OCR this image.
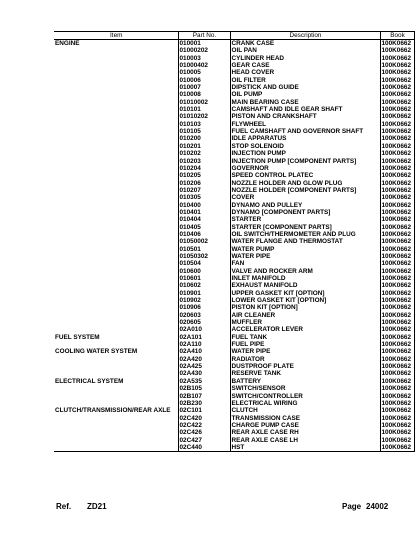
Item	Part No.	Description	Book
ENGINE	010001	CRANK CASE	100K0662
	01000202	OIL PAN	100K0662
	010003	CYLINDER HEAD	100K0662
	01000402	GEAR CASE	100K0662
	010005	HEAD COVER	100K0662
	010006	OIL FILTER	100K0662
	010007	DIPSTICK AND GUIDE	100K0662
	010008	OIL PUMP	100K0662
	01010002	MAIN BEARING CASE	100K0662
	010101	CAMSHAFT AND IDLE GEAR SHAFT	100K0662
	01010202	PISTON AND CRANKSHAFT	100K0662
	010103	FLYWHEEL	100K0662
	010105	FUEL CAMSHAFT AND GOVERNOR SHAFT	100K0662
	010200	IDLE APPARATUS	100K0662
	010201	STOP SOLENOID	100K0662
	010202	INJECTION PUMP	100K0662
	010203	INJECTION PUMP [COMPONENT PARTS]	100K0662
	010204	GOVERNOR	100K0662
	010205	SPEED CONTROL PLATEC	100K0662
	010206	NOZZLE HOLDER AND GLOW PLUG	100K0662
	010207	NOZZLE HOLDER [COMPONENT PARTS]	100K0662
	010305	COVER	100K0662
	010400	DYNAMO AND PULLEY	100K0662
	010401	DYNAMO [COMPONENT PARTS]	100K0662
	010404	STARTER	100K0662
	010405	STARTER [COMPONENT PARTS]	100K0662
	010406	OIL SWITCH/THERMOMETER AND PLUG	100K0662
	01050002	WATER FLANGE AND THERMOSTAT	100K0662
	010501	WATER PUMP	100K0662
	01050302	WATER PIPE	100K0662
	010504	FAN	100K0662
	010600	VALVE AND ROCKER ARM	100K0662
	010601	INLET MANIFOLD	100K0662
	010602	EXHAUST MANIFOLD	100K0662
	010901	UPPER GASKET KIT [OPTION]	100K0662
	010902	LOWER GASKET KIT [OPTION]	100K0662
	010906	PISTON KIT [OPTION]	100K0662
	020603	AIR CLEANER	100K0662
	020605	MUFFLER	100K0662
	02A010	ACCELERATOR LEVER	100K0662
FUEL SYSTEM	02A101	FUEL TANK	100K0662
	02A110	FUEL PIPE	100K0662
COOLING WATER SYSTEM	02A410	WATER PIPE	100K0662
	02A420	RADIATOR	100K0662
	02A425	DUSTPROOF PLATE	100K0662
	02A430	RESERVE TANK	100K0662
ELECTRICAL SYSTEM	02A535	BATTERY	100K0662
	02B105	SWITCH/SENSOR	100K0662
	02B107	SWITCH/CONTROLLER	100K0662
	02B230	ELECTRICAL WIRING	100K0662
CLUTCH/TRANSMISSION/REAR AXLE	02C101	CLUTCH	100K0662
	02C420	TRANSMISSION CASE	100K0662
	02C422	CHARGE PUMP CASE	100K0662
	02C426	REAR AXLE CASE RH	100K0662
	02C427	REAR AXLE CASE LH	100K0662
	02C440	HST	100K0662
Ref. ZD21	Page 24002
